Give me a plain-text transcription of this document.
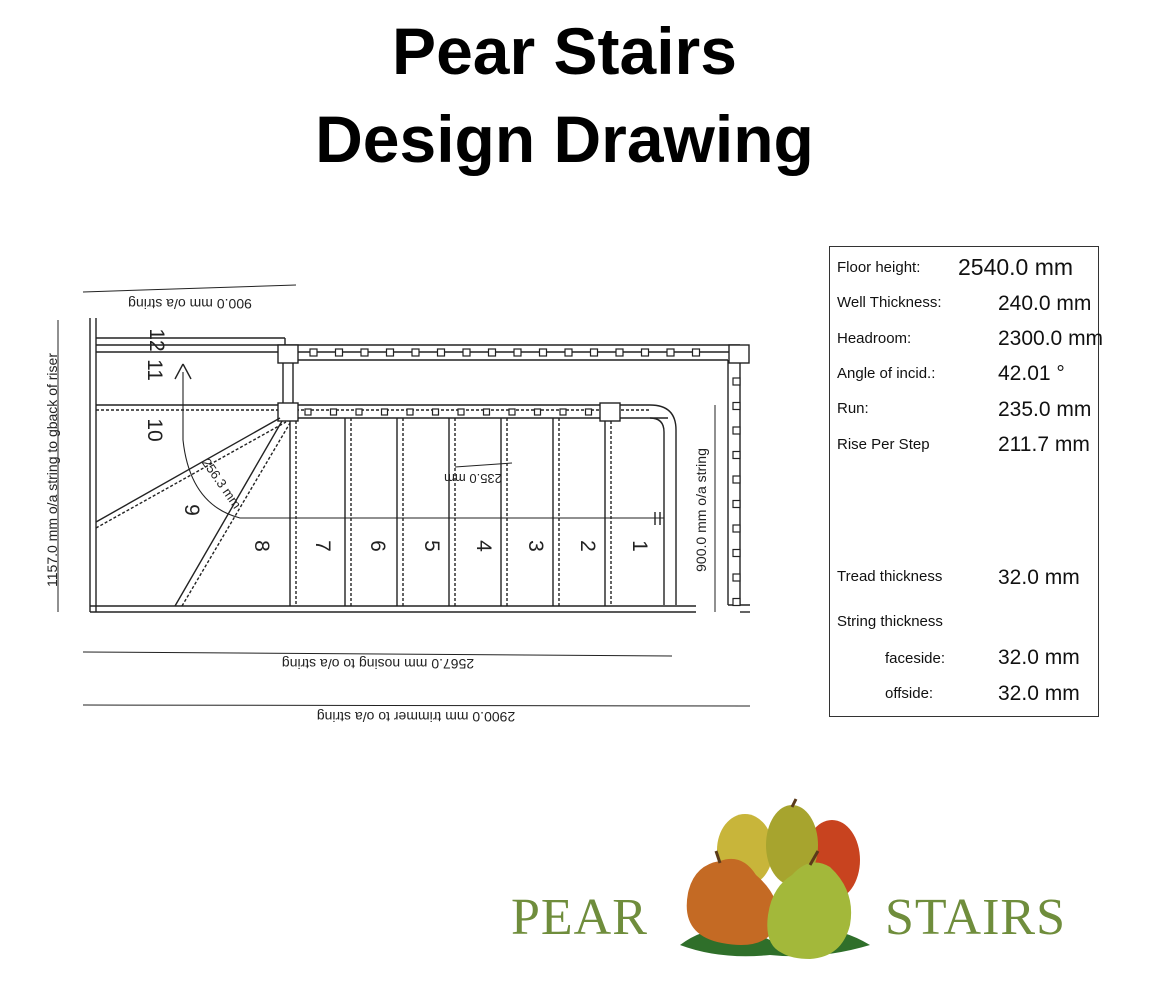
Pear Stairs
Design Drawing
900.0 mm o/a string
1157.0 mm o/a string to gback of riser	900.0 mm o/a string
235.0 mm
256.3 mm
2567.0 mm nosing to o/a string
2900.0 mm trimmer to o/a string
1
2
3
4
5
6
7
8
9
10
11
12
Floor height: 2540.0 mm
Well Thickness:	240.0 mm
Headroom:	2300.0 mm
Angle of incid.:	42.01 °
Run:	235.0 mm
Rise Per Step	211.7 mm
Tread thickness	32.0 mm
String thickness
faceside:	32.0 mm
offside:	32.0 mm
PEAR	STAIRS
